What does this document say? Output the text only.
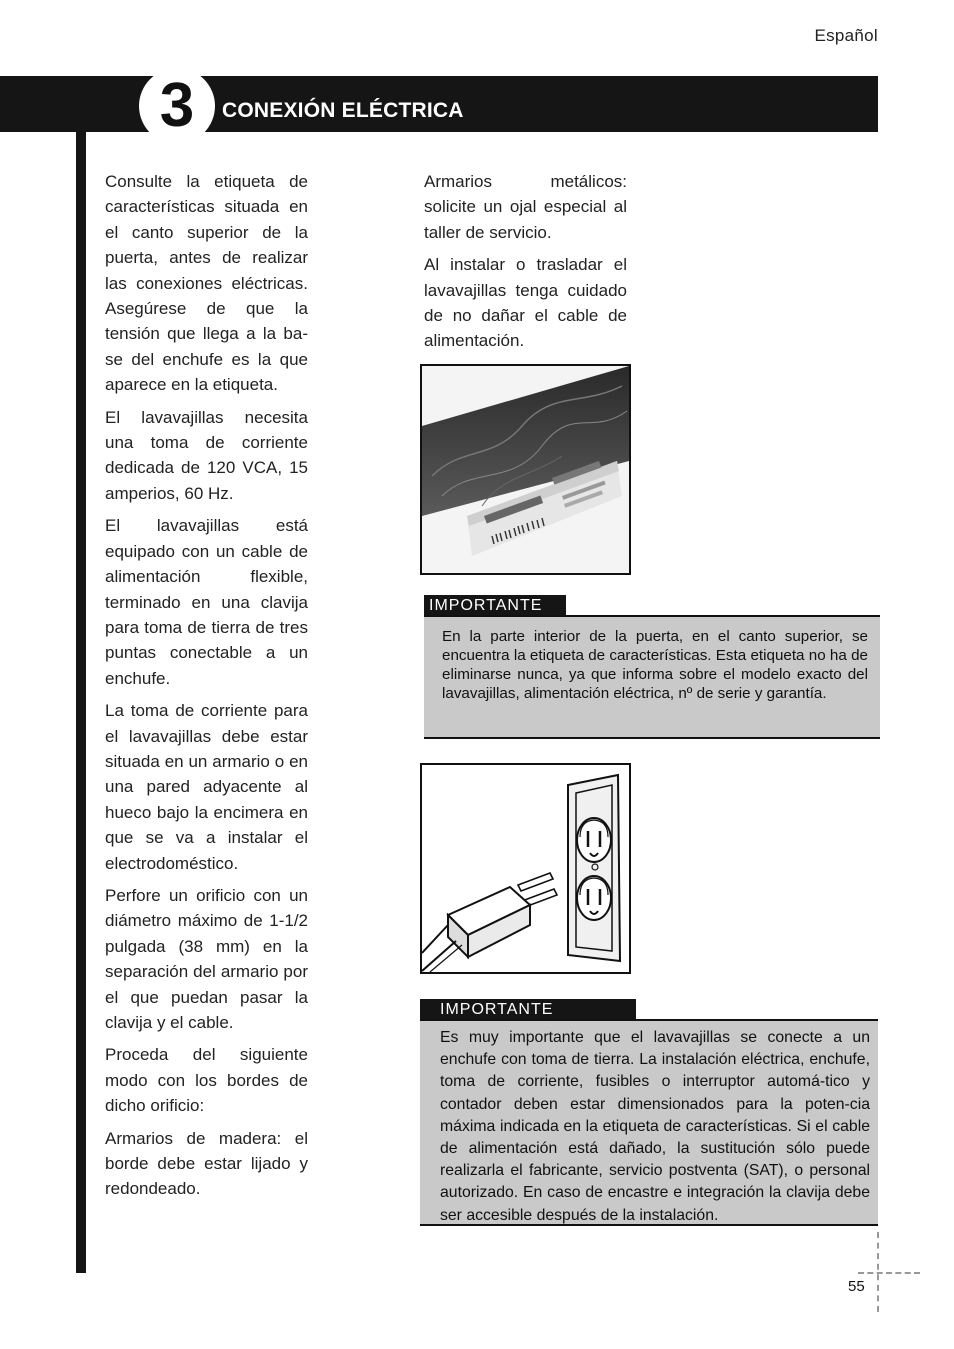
Español
3	CONEXIÓN ELÉCTRICA

Consulte la etiqueta de características situada en el canto superior de la puerta, antes de realizar las conexiones eléctricas. Asegúrese de que la tensión que llega a la ba-se del enchufe es la que aparece en la etiqueta.

El lavavajillas necesita una toma de corriente dedicada de 120 VCA, 15 amperios, 60 Hz.

El lavavajillas está equipado con un cable de alimentación flexible, terminado en una clavija para toma de tierra de tres puntas conectable a un enchufe.

La toma de corriente para el lavavajillas debe estar situada en un armario o en una pared adyacente al hueco bajo la encimera en que se va a instalar el electrodoméstico.

Perfore un orificio con un diámetro máximo de 1-1/2 pulgada (38 mm) en la separación del armario por el que puedan pasar la clavija y el cable.

Proceda del siguiente modo con los bordes de dicho orificio:

Armarios de madera: el borde debe estar lijado y redondeado.

Armarios metálicos: solicite un ojal especial al taller de servicio.

Al instalar o trasladar el lavavajillas tenga cuidado de no dañar el cable de alimentación.

IMPORTANTE
En la parte interior de la puerta, en el canto superior, se encuentra la etiqueta de características. Esta etiqueta no ha de eliminarse nunca, ya que informa sobre el modelo exacto del lavavajillas, alimentación eléctrica, nº de serie y garantía.
IMPORTANTE
Es muy importante que el lavavajillas se conecte a un enchufe con toma de tierra. La instalación eléctrica, enchufe, toma de corriente, fusibles o interruptor automá-tico y contador deben estar dimensionados para la poten-cia máxima indicada en la etiqueta de características. Si el cable de alimentación está dañado, la sustitución sólo puede realizarla el fabricante, servicio postventa (SAT), o personal autorizado. En caso de encastre e integración la clavija debe ser accesible después de la instalación.
55
